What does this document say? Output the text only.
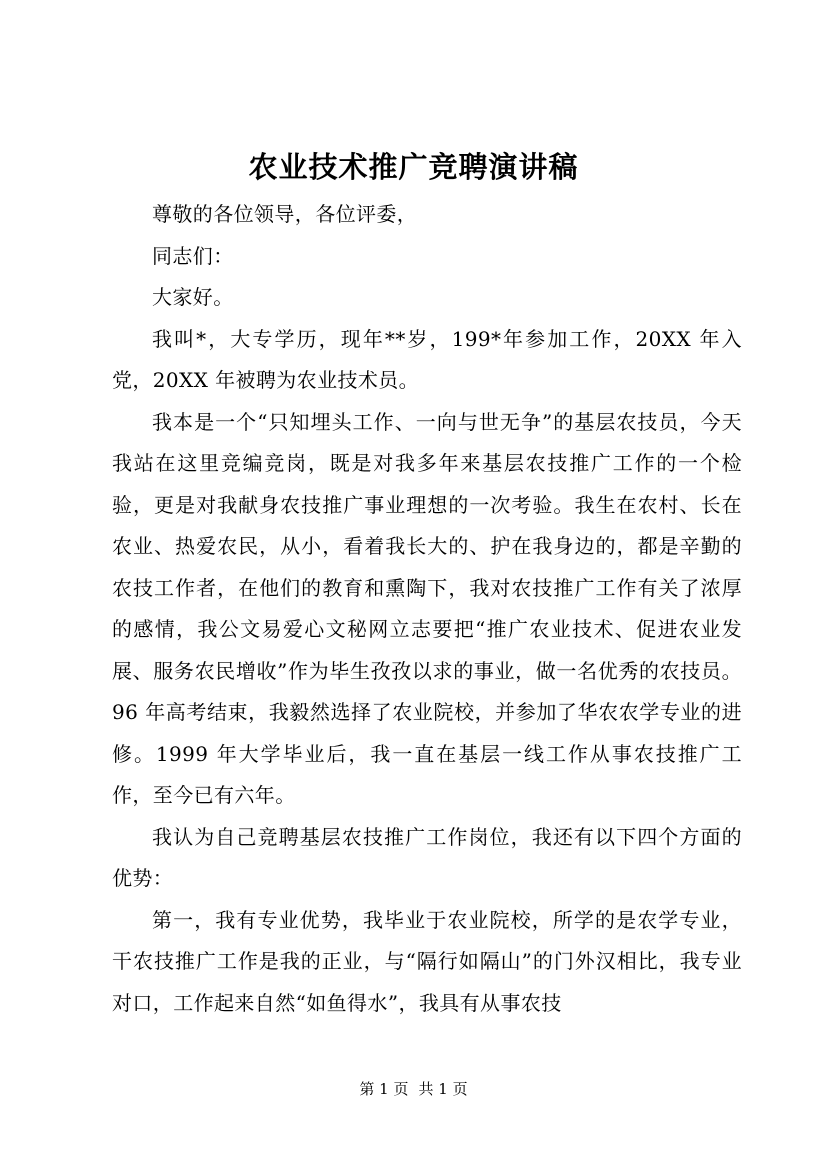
农业技术推广竞聘演讲稿

尊敬的各位领导，各位评委，

同志们：

大家好。

我叫*，大专学历，现年**岁，199*年参加工作，20XX 年入党，20XX 年被聘为农业技术员。

我本是一个“只知埋头工作、一向与世无争”的基层农技员，今天我站在这里竞编竞岗，既是对我多年来基层农技推广工作的一个检验，更是对我献身农技推广事业理想的一次考验。我生在农村、长在农业、热爱农民，从小，看着我长大的、护在我身边的，都是辛勤的农技工作者，在他们的教育和熏陶下，我对农技推广工作有关了浓厚的感情，我公文易爱心文秘网立志要把“推广农业技术、促进农业发展、服务农民增收”作为毕生孜孜以求的事业，做一名优秀的农技员。96 年高考结束，我毅然选择了农业院校，并参加了华农农学专业的进修。1999 年大学毕业后，我一直在基层一线工作从事农技推广工作，至今已有六年。

我认为自己竞聘基层农技推广工作岗位，我还有以下四个方面的优势：

第一，我有专业优势，我毕业于农业院校，所学的是农学专业，干农技推广工作是我的正业，与“隔行如隔山”的门外汉相比，我专业对口，工作起来自然“如鱼得水”，我具有从事农技

第 1 页 共 1 页
